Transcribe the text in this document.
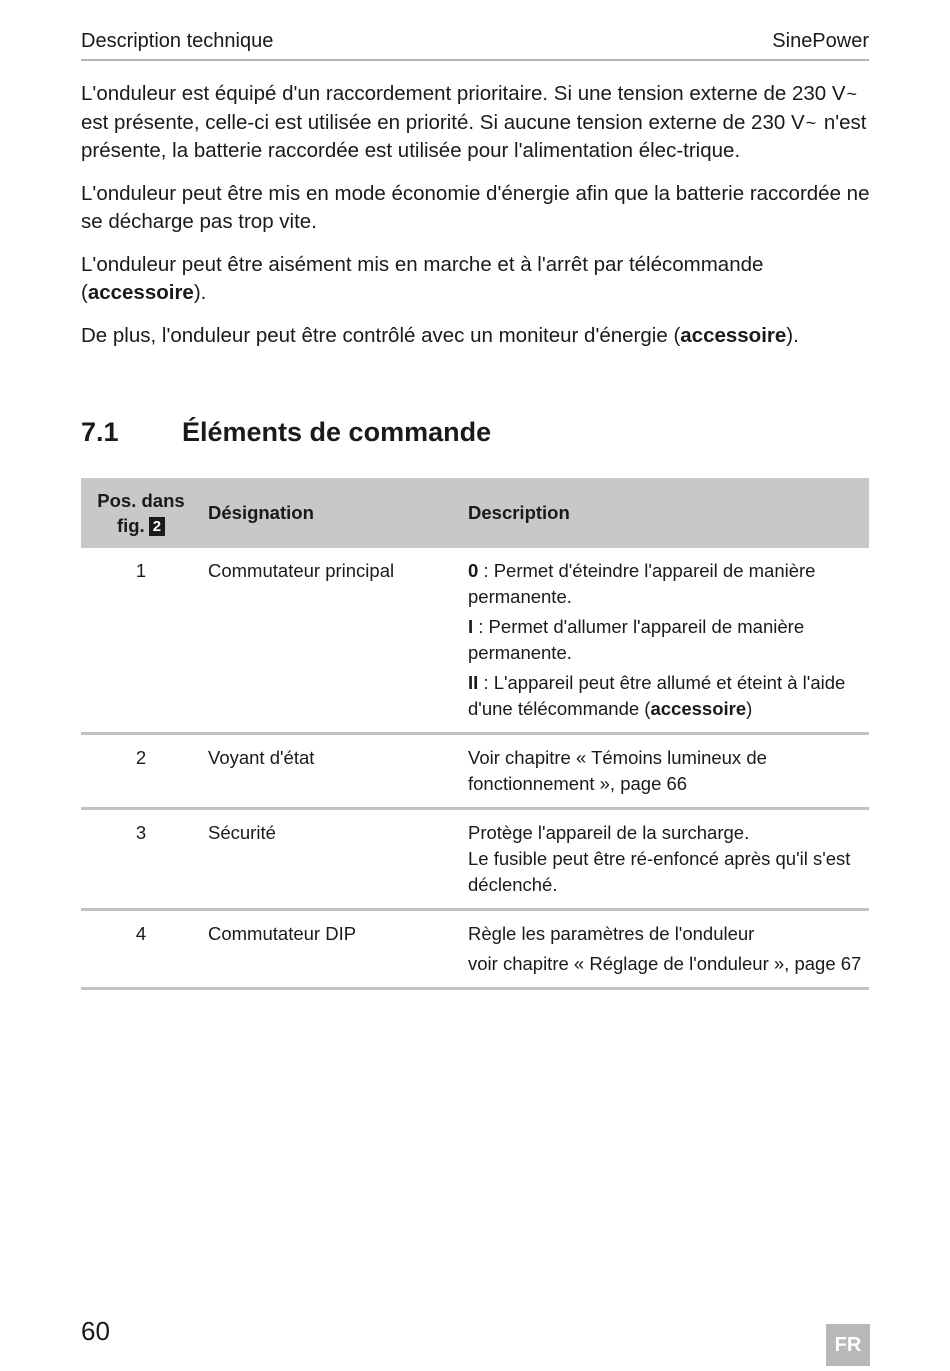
Description technique	SinePower

L'onduleur est équipé d'un raccordement prioritaire. Si une tension externe de 230 V~ est présente, celle-ci est utilisée en priorité. Si aucune tension externe de 230 V~ n'est présente, la batterie raccordée est utilisée pour l'alimentation élec-trique.

L'onduleur peut être mis en mode économie d'énergie afin que la batterie raccordée ne se décharge pas trop vite.

L'onduleur peut être aisément mis en marche et à l'arrêt par télécommande (accessoire).

De plus, l'onduleur peut être contrôlé avec un moniteur d'énergie (accessoire).

7.1	Éléments de commande
Pos. dans
fig. 2	Désignation	Description
1	Commutateur principal	0 : Permet d'éteindre l'appareil de manière permanente.
I : Permet d'allumer l'appareil de manière permanente.
II : L'appareil peut être allumé et éteint à l'aide d'une télécommande (accessoire)

2	Voyant d'état	Voir chapitre « Témoins lumineux de fonctionnement », page 66

3	Sécurité	Protège l'appareil de la surcharge.
Le fusible peut être ré-enfoncé après qu'il s'est déclenché.

4	Commutateur DIP	Règle les paramètres de l'onduleur
voir chapitre « Réglage de l'onduleur », page 67
60	FR
